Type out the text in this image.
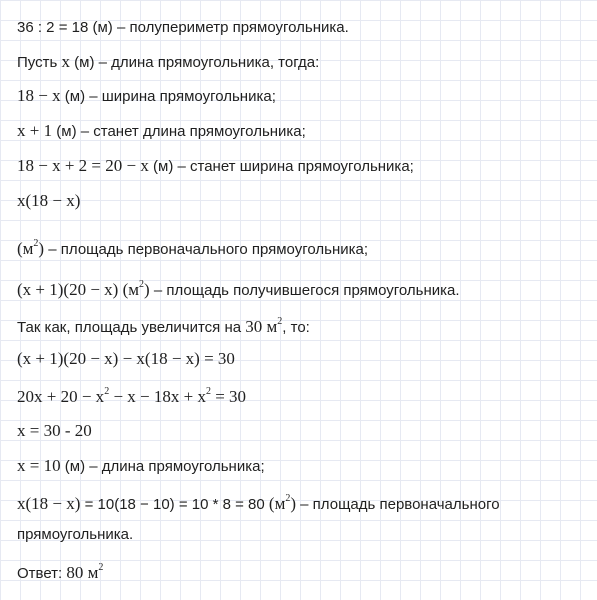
36 : 2 = 18 (м) – полупериметр прямоугольника.
Пусть x (м) – длина прямоугольника, тогда:
18 − x (м) – ширина прямоугольника;
x + 1 (м) – станет длина прямоугольника;
18 − x + 2 = 20 − x (м) – станет ширина прямоугольника;
x(18 − x)
$(м^2)$ – площадь первоначального прямоугольника;
(x + 1)(20 − x) $(м^2)$ – площадь получившегося прямоугольника.
Так как, площадь увеличится на 30 $м^2$, то:
(x + 1)(20 − x) − x(18 − x) = 30
$20x + 20 - x^2 - x - 18x + x^2 = 30$
x = 30 - 20
x = 10 (м) – длина прямоугольника;
x(18 − x) = 10(18 − 10) = 10 * 8 = 80 $(м^2)$ – площадь первоначального
прямоугольника.
Ответ: 80 $м^2$
